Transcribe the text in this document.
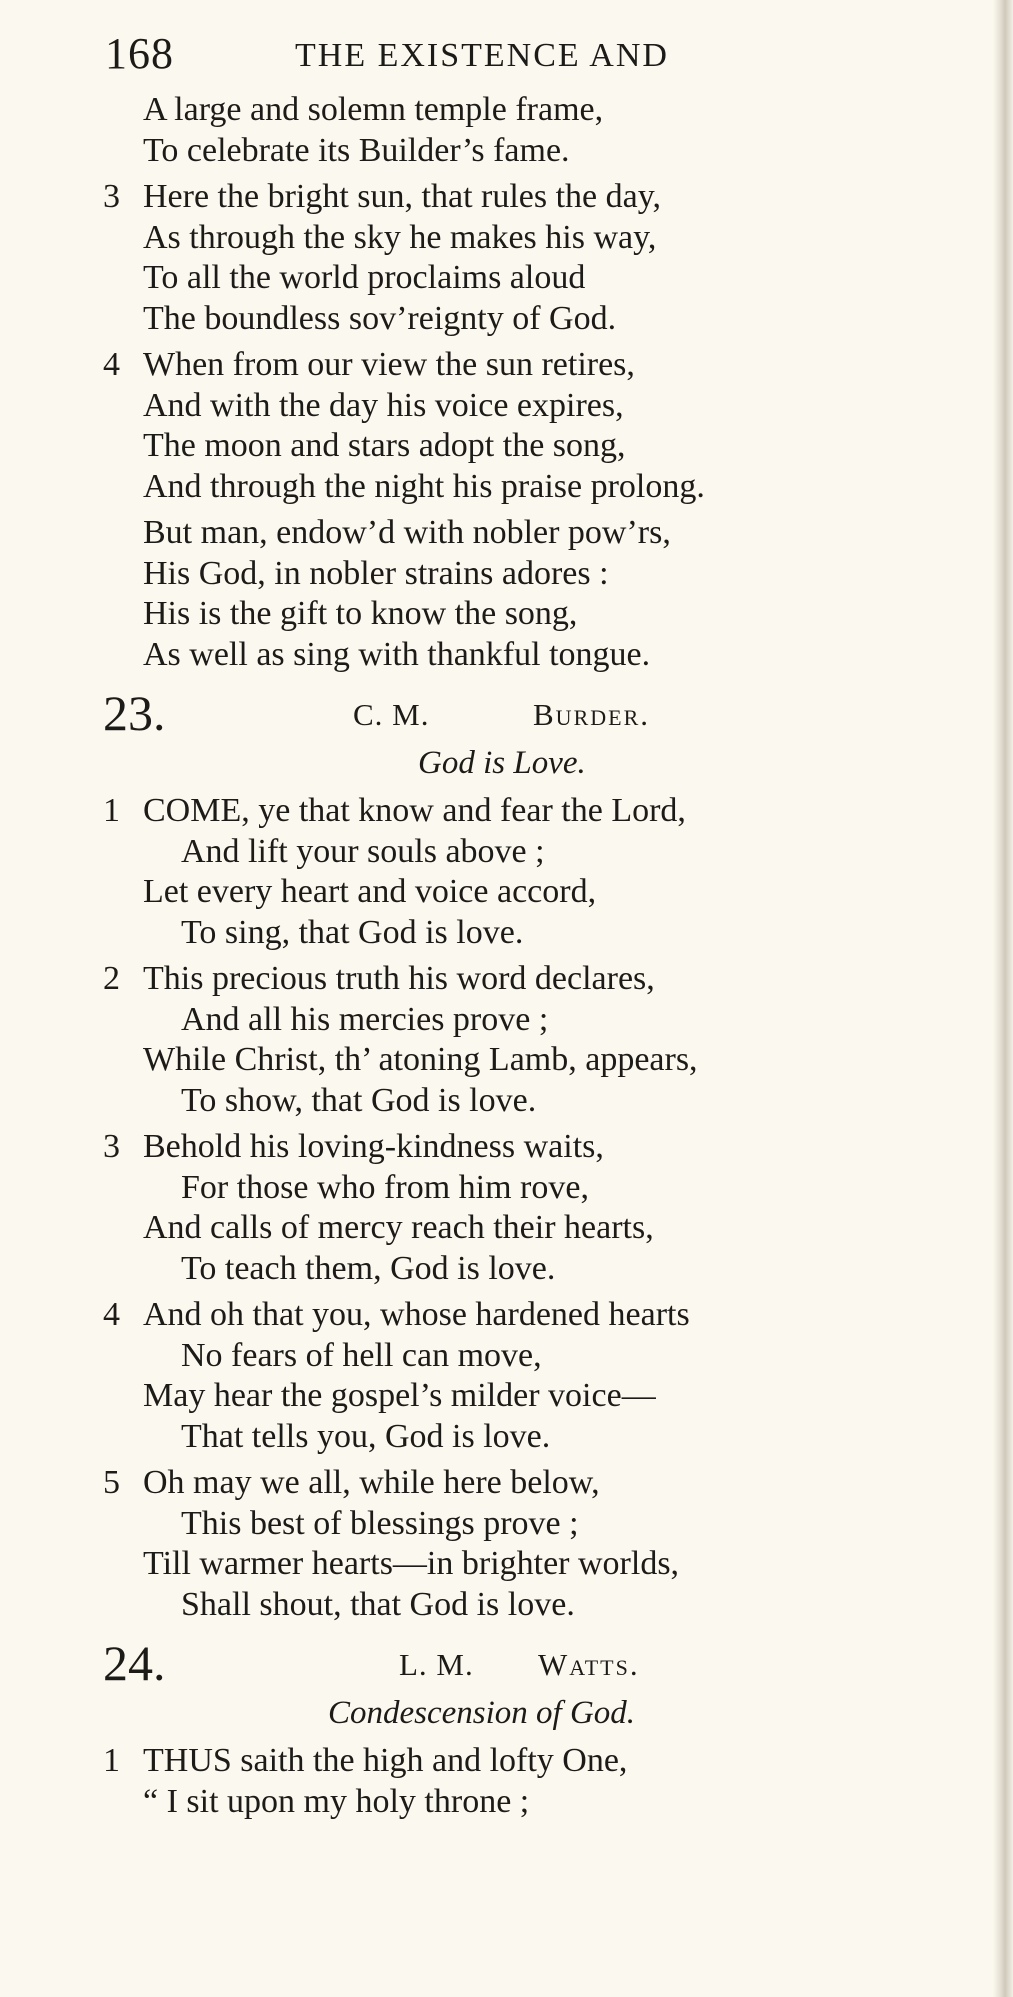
168	THE EXISTENCE AND
A large and solemn temple frame,
To celebrate its Builder’s fame.
3 Here the bright sun, that rules the day,
As through the sky he makes his way,
To all the world proclaims aloud
The boundless sov’reignty of God.
4 When from our view the sun retires,
And with the day his voice expires,
The moon and stars adopt the song,
And through the night his praise prolong.
But man, endow’d with nobler pow’rs,
His God, in nobler strains adores :
His is the gift to know the song,
As well as sing with thankful tongue.
23.	C. M.	Burder.
God is Love.
1 COME, ye that know and fear the Lord,
And lift your souls above ;
Let every heart and voice accord,
To sing, that God is love.
2 This precious truth his word declares,
And all his mercies prove ;
While Christ, th’ atoning Lamb, appears,
To show, that God is love.
3 Behold his loving-kindness waits,
For those who from him rove,
And calls of mercy reach their hearts,
To teach them, God is love.
4 And oh that you, whose hardened hearts
No fears of hell can move,
May hear the gospel’s milder voice—
That tells you, God is love.
5 Oh may we all, while here below,
This best of blessings prove ;
Till warmer hearts—in brighter worlds,
Shall shout, that God is love.
24.	L. M. Watts.
Condescension of God.
1 THUS saith the high and lofty One,
“ I sit upon my holy throne ;
